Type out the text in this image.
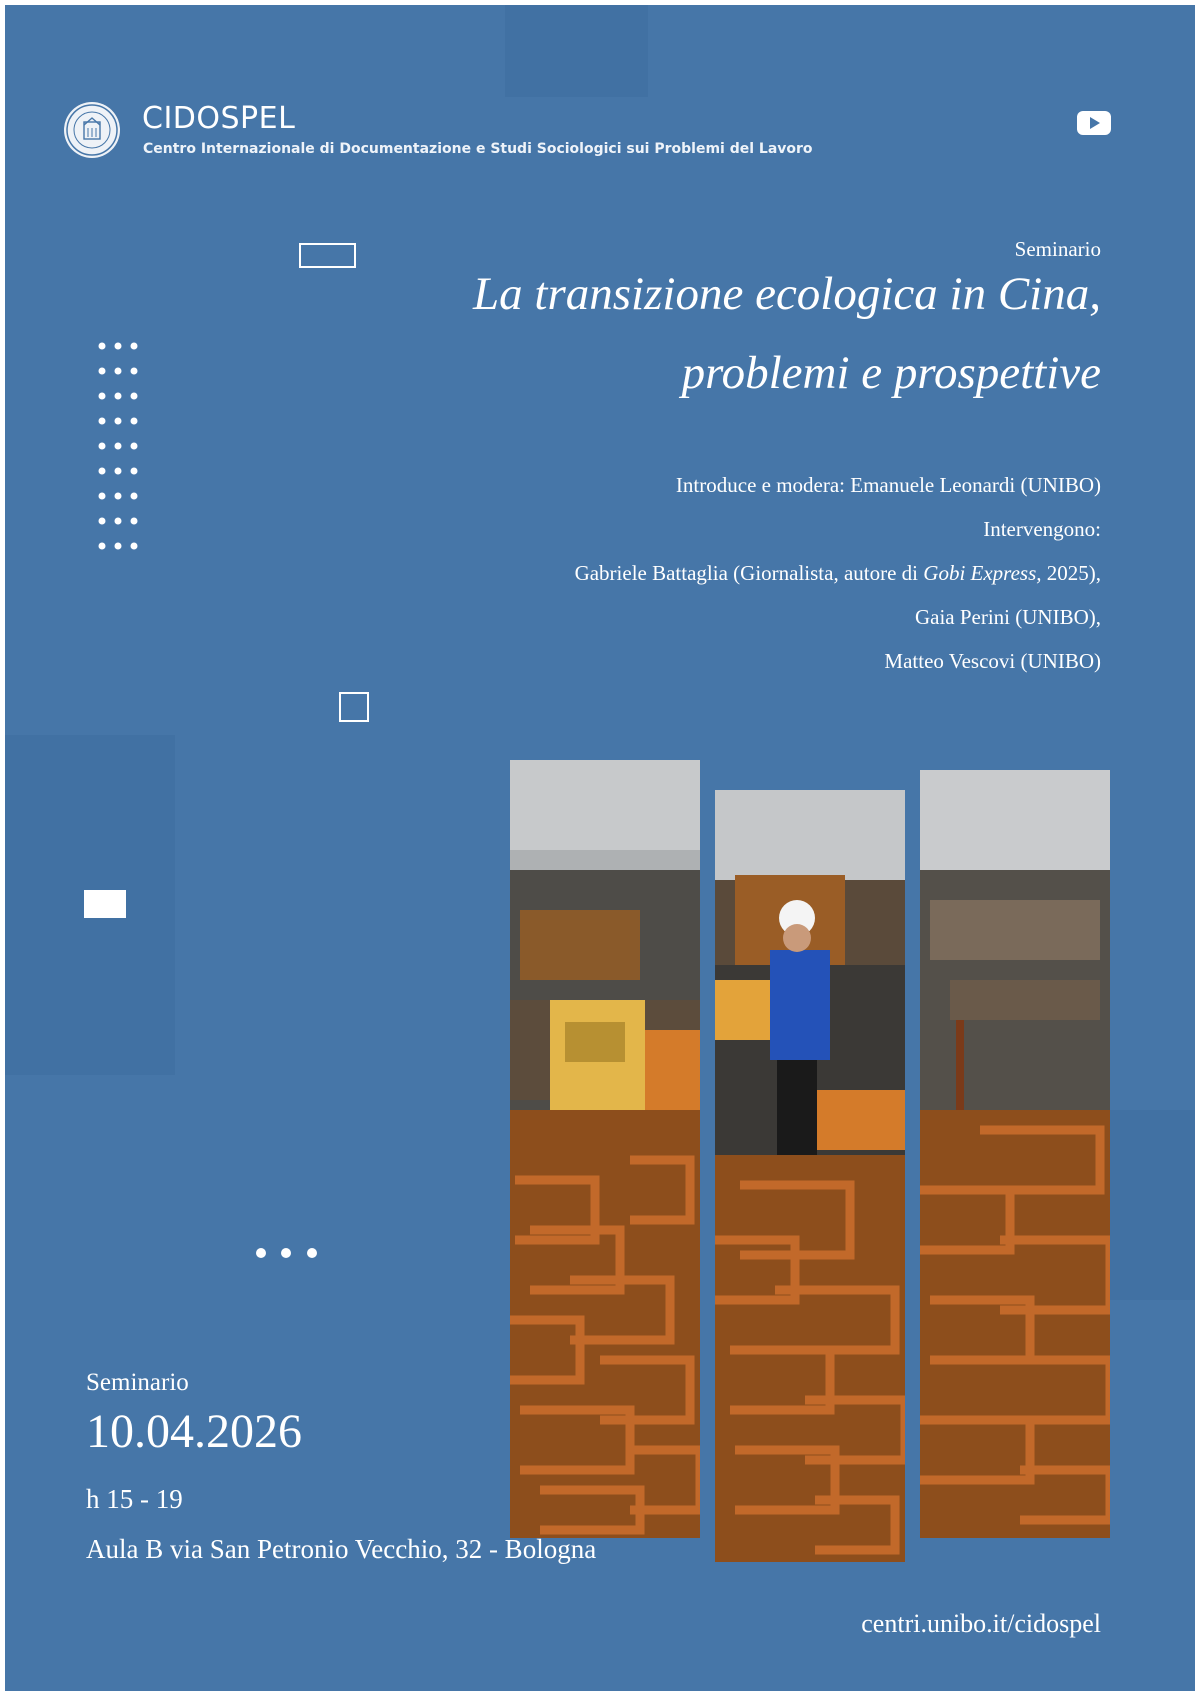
CIDOSPEL
Centro Internazionale di Documentazione e Studi Sociologici sui Problemi del Lavoro
Seminario
La transizione ecologica in Cina,
problemi e prospettive
Introduce e modera: Emanuele Leonardi (UNIBO)
Intervengono:
Gabriele Battaglia (Giornalista, autore di Gobi Express, 2025),
Gaia Perini (UNIBO),
Matteo Vescovi (UNIBO)
Seminario
10.04.2026
h 15 - 19
Aula B via San Petronio Vecchio, 32 - Bologna
centri.unibo.it/cidospel
